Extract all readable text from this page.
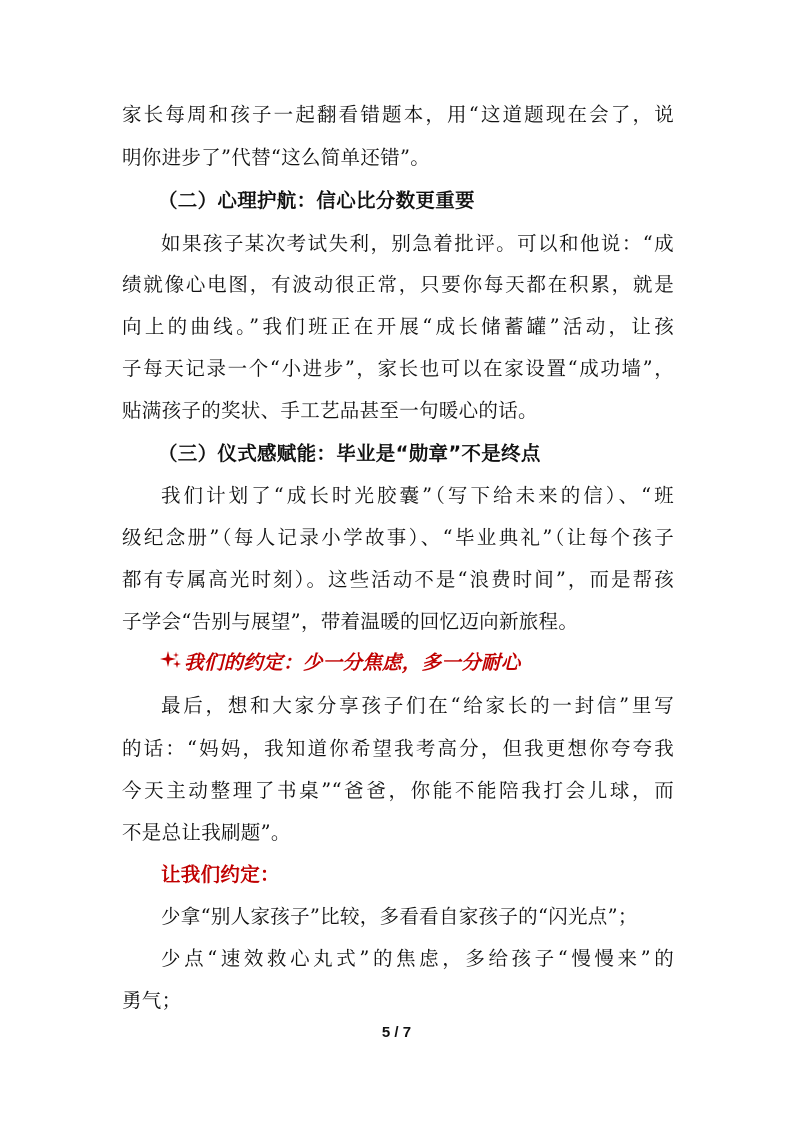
家长每周和孩子一起翻看错题本，用“这道题现在会了，说
明你进步了”代替“这么简单还错”。
（二）心理护航：信心比分数更重要
如果孩子某次考试失利，别急着批评。可以和他说：“成
绩就像心电图，有波动很正常，只要你每天都在积累，就是
向上的曲线。”我们班正在开展“成长储蓄罐”活动，让孩
子每天记录一个“小进步”，家长也可以在家设置“成功墙”，
贴满孩子的奖状、手工艺品甚至一句暖心的话。
（三）仪式感赋能：毕业是“勋章”不是终点
我们计划了“成长时光胶囊”（写下给未来的信）、“班
级纪念册”（每人记录小学故事）、“毕业典礼”（让每个孩子
都有专属高光时刻）。这些活动不是“浪费时间”，而是帮孩
子学会“告别与展望”，带着温暖的回忆迈向新旅程。
我们的约定：少一分焦虑，多一分耐心
最后，想和大家分享孩子们在“给家长的一封信”里写
的话：“妈妈，我知道你希望我考高分，但我更想你夸夸我
今天主动整理了书桌”“爸爸，你能不能陪我打会儿球，而
不是总让我刷题”。
让我们约定：
少拿“别人家孩子”比较，多看看自家孩子的“闪光点”；
少点“速效救心丸式”的焦虑，多给孩子“慢慢来”的
勇气；
5 / 7
